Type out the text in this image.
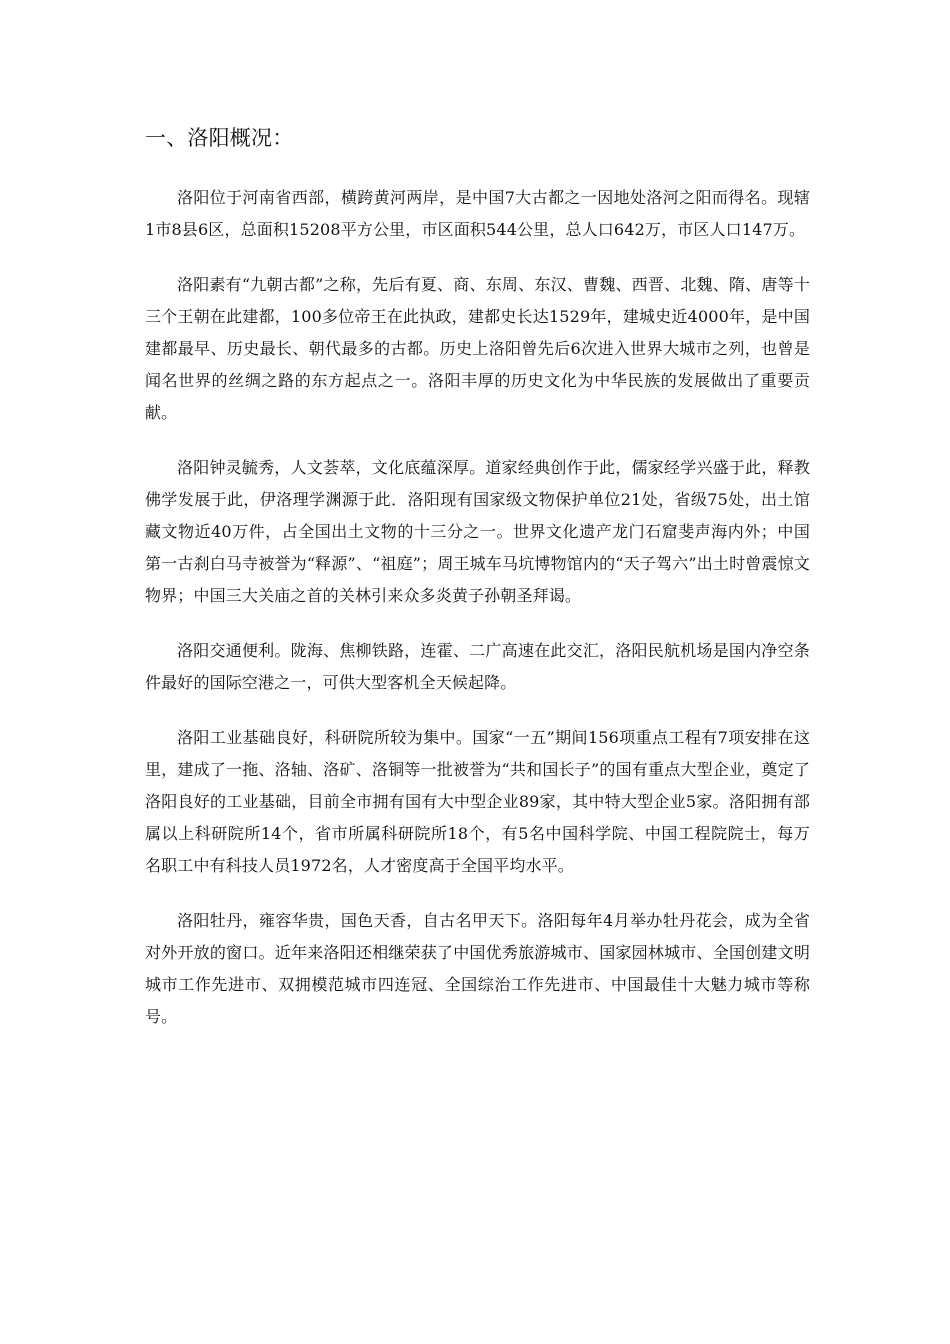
一、洛阳概况：

洛阳位于河南省西部，横跨黄河两岸，是中国7大古都之一因地处洛河之阳而得名。现辖1市8县6区，总面积15208平方公里，市区面积544公里，总人口642万，市区人口147万。

洛阳素有“九朝古都”之称，先后有夏、商、东周、东汉、曹魏、西晋、北魏、隋、唐等十三个王朝在此建都，100多位帝王在此执政，建都史长达1529年，建城史近4000年，是中国建都最早、历史最长、朝代最多的古都。历史上洛阳曾先后6次进入世界大城市之列，也曾是闻名世界的丝绸之路的东方起点之一。洛阳丰厚的历史文化为中华民族的发展做出了重要贡献。

洛阳钟灵毓秀，人文荟萃，文化底蕴深厚。道家经典创作于此，儒家经学兴盛于此，释教佛学发展于此，伊洛理学渊源于此．洛阳现有国家级文物保护单位21处，省级75处，出土馆藏文物近40万件，占全国出土文物的十三分之一。世界文化遗产龙门石窟斐声海内外；中国第一古刹白马寺被誉为“释源”、“祖庭”；周王城车马坑博物馆内的“天子驾六”出土时曾震惊文物界；中国三大关庙之首的关林引来众多炎黄子孙朝圣拜谒。

洛阳交通便利。陇海、焦柳铁路，连霍、二广高速在此交汇，洛阳民航机场是国内净空条件最好的国际空港之一，可供大型客机全天候起降。

洛阳工业基础良好，科研院所较为集中。国家“一五”期间156项重点工程有7项安排在这里，建成了一拖、洛轴、洛矿、洛铜等一批被誉为“共和国长子”的国有重点大型企业，奠定了洛阳良好的工业基础，目前全市拥有国有大中型企业89家，其中特大型企业5家。洛阳拥有部属以上科研院所14个，省市所属科研院所18个，有5名中国科学院、中国工程院院士，每万名职工中有科技人员1972名，人才密度高于全国平均水平。

洛阳牡丹，雍容华贵，国色天香，自古名甲天下。洛阳每年4月举办牡丹花会，成为全省对外开放的窗口。近年来洛阳还相继荣获了中国优秀旅游城市、国家园林城市、全国创建文明城市工作先进市、双拥模范城市四连冠、全国综治工作先进市、中国最佳十大魅力城市等称号。
